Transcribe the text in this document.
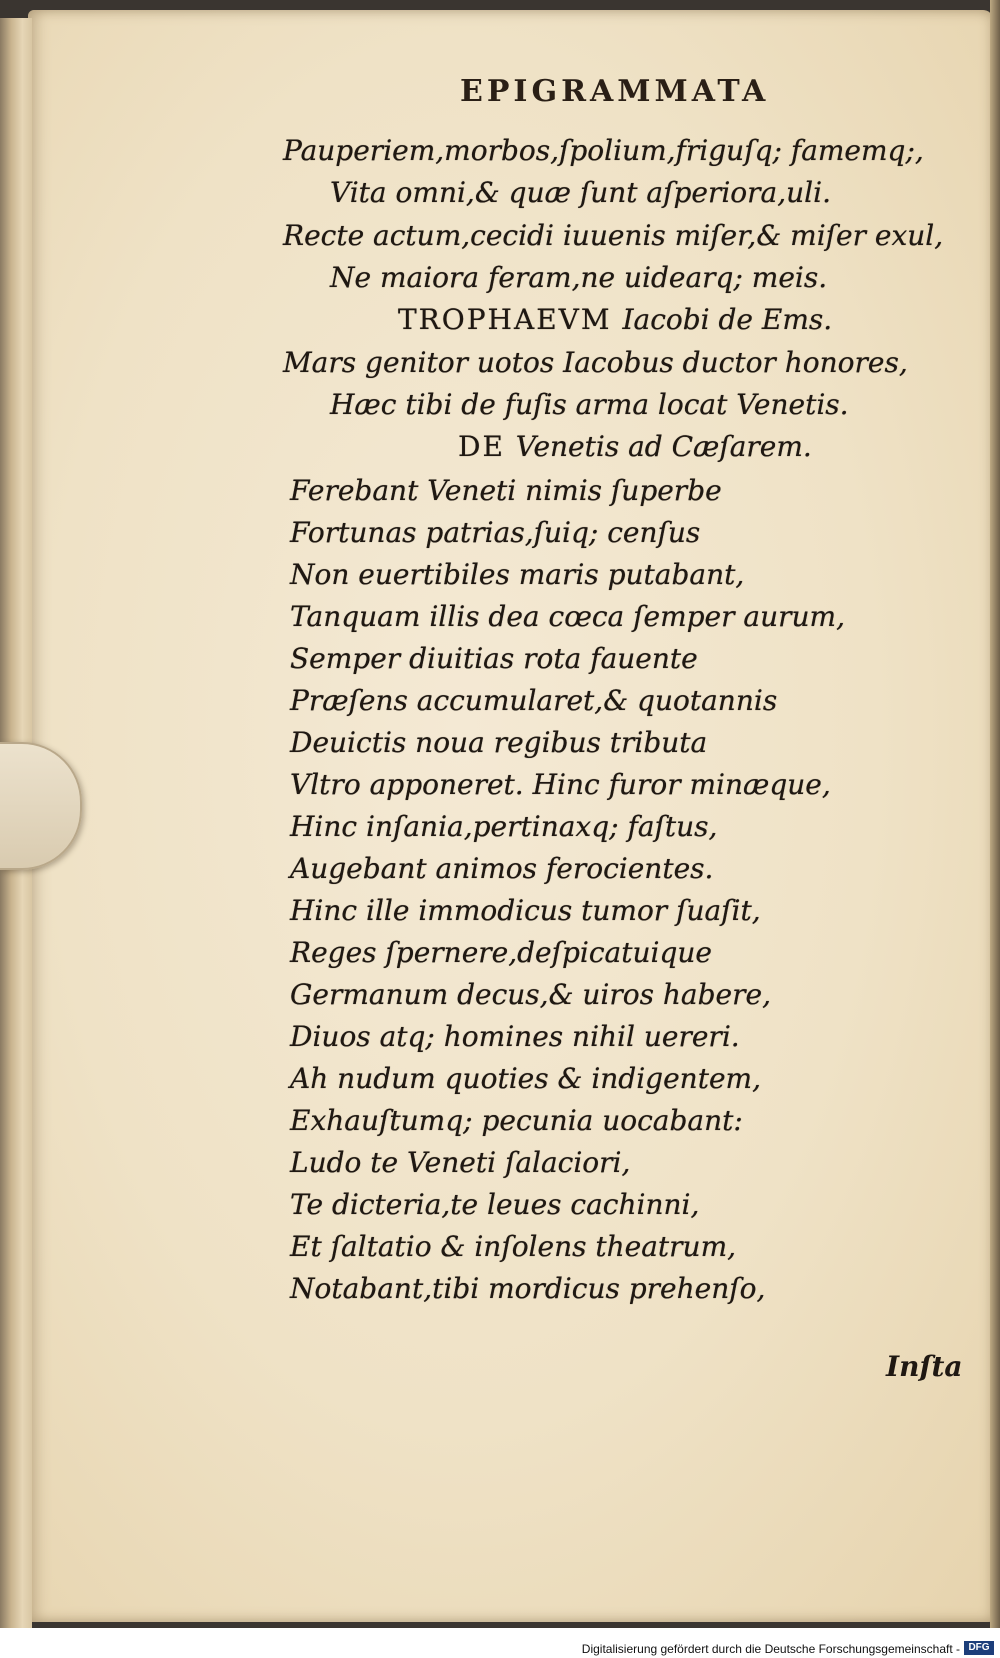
EPIGRAMMATA
Pauperiem,morbos,ſpolium,friguſq; famemq;,
Vita omni,& quæ ſunt aſperiora,uli.
Recte actum,cecidi iuuenis miſer,& miſer exul,
Ne maiora feram,ne uidearq; meis.
TROPHAEVM Iacobi de Ems.
Mars genitor uotos Iacobus ductor honores,
Hæc tibi de fuſis arma locat Venetis.
DE Venetis ad Cæſarem.
Ferebant Veneti nimis ſuperbe
Fortunas patrias,ſuiq; cenſus
Non euertibiles maris putabant,
Tanquam illis dea cœca ſemper aurum,
Semper diuitias rota fauente
Præſens accumularet,& quotannis
Deuictis noua regibus tributa
Vltro apponeret. Hinc furor minæque,
Hinc inſania,pertinaxq; faſtus,
Augebant animos ferocientes.
Hinc ille immodicus tumor ſuaſit,
Reges ſpernere,deſpicatuique
Germanum decus,& uiros habere,
Diuos atq; homines nihil uereri.
Ah nudum quoties & indigentem,
Exhauſtumq; pecunia uocabant:
Ludo te Veneti ſalaciori,
Te dicteria,te leues cachinni,
Et ſaltatio & inſolens theatrum,
Notabant,tibi mordicus prehenſo,
Inſta
Digitalisierung gefördert durch die Deutsche Forschungsgemeinschaft - DFG
